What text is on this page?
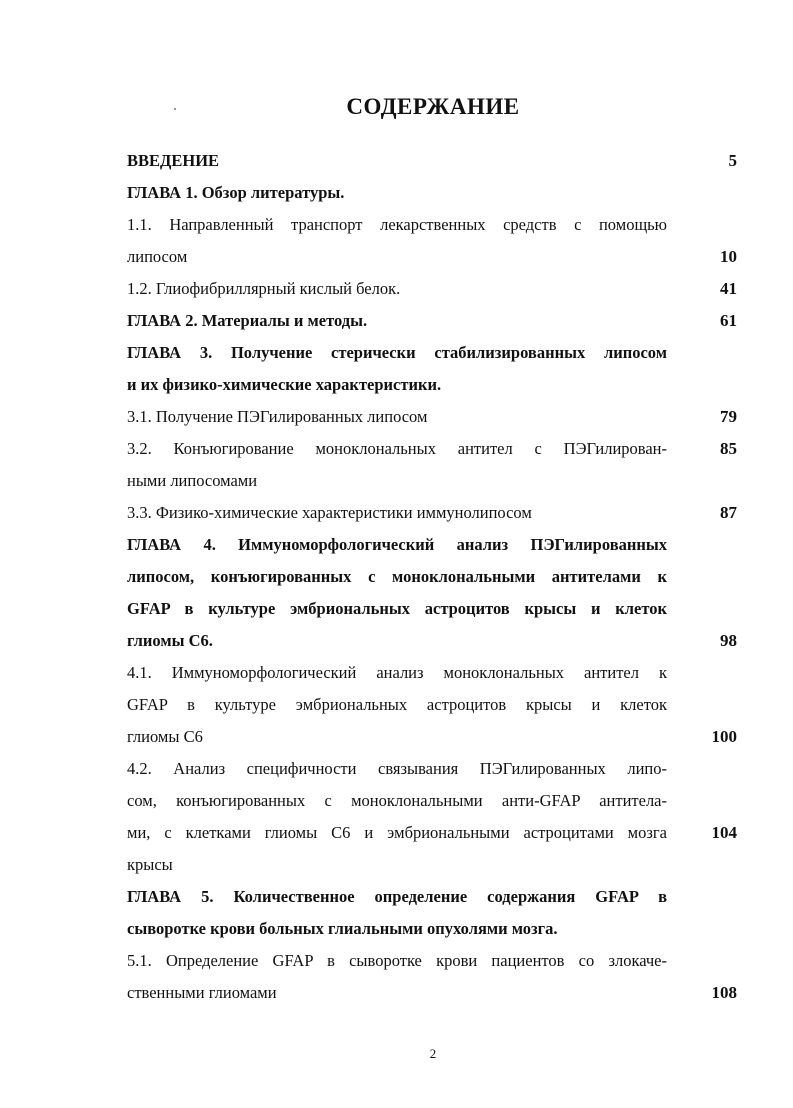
СОДЕРЖАНИЕ
ВВЕДЕНИЕ	5
ГЛАВА 1. Обзор литературы.
1.1. Направленный транспорт лекарственных средств с помощью
липосом	10
1.2. Глиофибриллярный кислый белок.	41
ГЛАВА 2. Материалы и методы.	61
ГЛАВА 3. Получение стерически стабилизированных липосом
и их физико-химические характеристики.
3.1. Получение ПЭГилированных липосом	79
3.2. Конъюгирование моноклональных антител с ПЭГилирован-	85
ными липосомами
3.3. Физико-химические характеристики иммунолипосом	87
ГЛАВА 4. Иммуноморфологический анализ ПЭГилированных
липосом, конъюгированных с моноклональными антителами к
GFAP в культуре эмбриональных астроцитов крысы и клеток
глиомы С6.	98
4.1. Иммуноморфологический анализ моноклональных антител к
GFAP в культуре эмбриональных астроцитов крысы и клеток
глиомы С6	100
4.2. Анализ специфичности связывания ПЭГилированных липо-
сом, конъюгированных с моноклональными анти-GFAP антитела-
ми, с клетками глиомы С6 и эмбриональными астроцитами мозга	104
крысы
ГЛАВА 5. Количественное определение содержания GFAP в
сыворотке крови больных глиальными опухолями мозга.
5.1. Определение GFAP в сыворотке крови пациентов со злокаче-
ственными глиомами	108
2
